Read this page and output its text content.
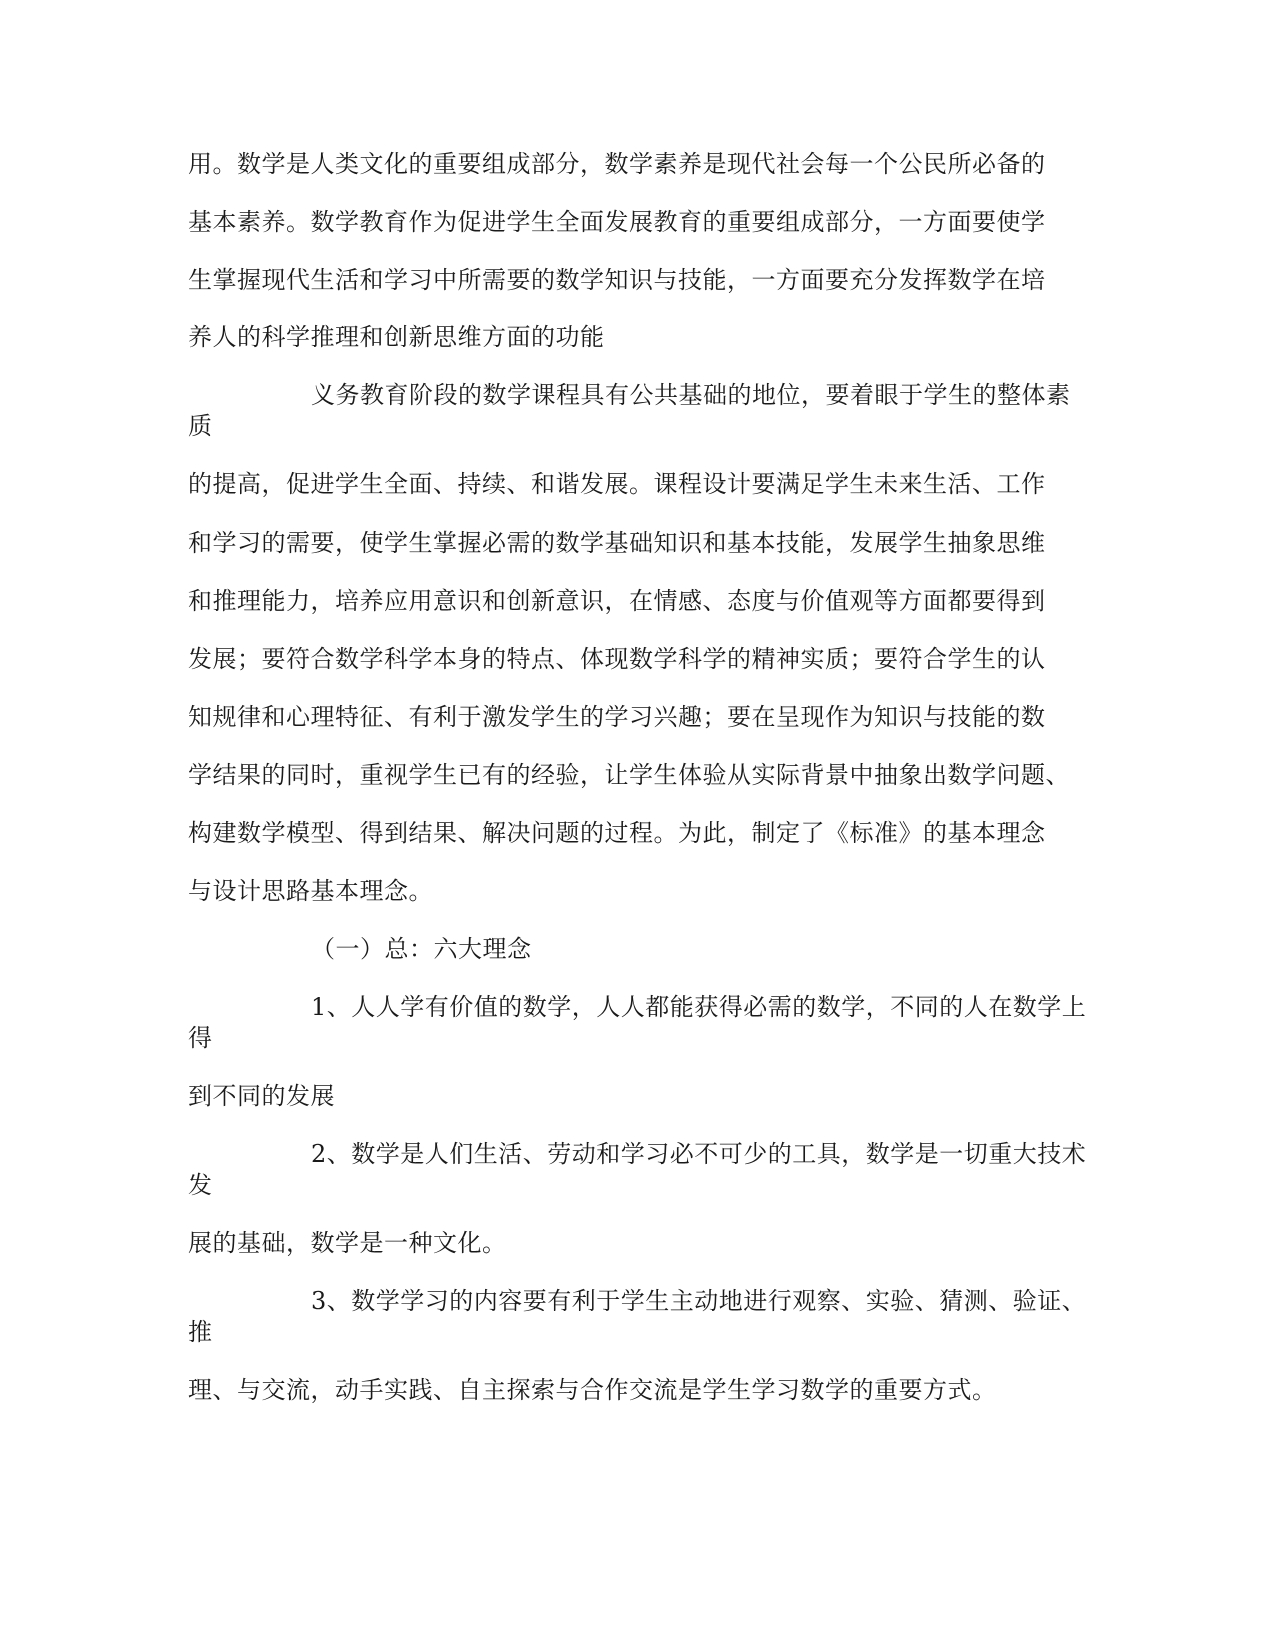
用。数学是人类文化的重要组成部分，数学素养是现代社会每一个公民所必备的
基本素养。数学教育作为促进学生全面发展教育的重要组成部分，一方面要使学
生掌握现代生活和学习中所需要的数学知识与技能，一方面要充分发挥数学在培
养人的科学推理和创新思维方面的功能
义务教育阶段的数学课程具有公共基础的地位，要着眼于学生的整体素
质
的提高，促进学生全面、持续、和谐发展。课程设计要满足学生未来生活、工作
和学习的需要，使学生掌握必需的数学基础知识和基本技能，发展学生抽象思维
和推理能力，培养应用意识和创新意识，在情感、态度与价值观等方面都要得到
发展；要符合数学科学本身的特点、体现数学科学的精神实质；要符合学生的认
知规律和心理特征、有利于激发学生的学习兴趣；要在呈现作为知识与技能的数
学结果的同时，重视学生已有的经验，让学生体验从实际背景中抽象出数学问题、
构建数学模型、得到结果、解决问题的过程。为此，制定了《标准》的基本理念
与设计思路基本理念。
（一）总：六大理念
1、人人学有价值的数学，人人都能获得必需的数学，不同的人在数学上
得
到不同的发展
2、数学是人们生活、劳动和学习必不可少的工具，数学是一切重大技术
发
展的基础，数学是一种文化。
3、数学学习的内容要有利于学生主动地进行观察、实验、猜测、验证、
推
理、与交流，动手实践、自主探索与合作交流是学生学习数学的重要方式。
